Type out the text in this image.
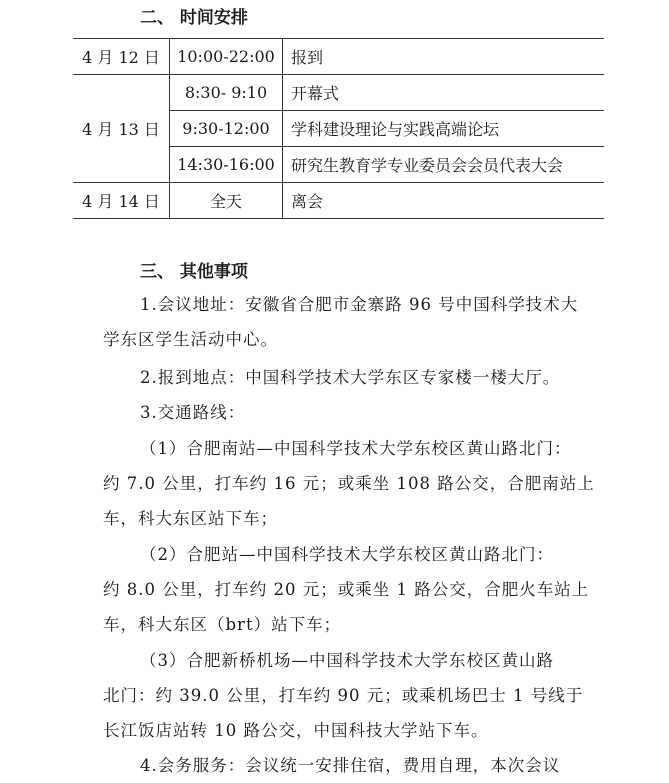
二、 时间安排
4 月 12 日	10:00-22:00	报到
4 月 13 日	8:30- 9:10	开幕式
	9:30-12:00	学科建设理论与实践高端论坛
	14:30-16:00	研究生教育学专业委员会会员代表大会
4 月 14 日	全天	离会
三、 其他事项
1.会议地址：安徽省合肥市金寨路 96 号中国科学技术大
学东区学生活动中心。
2.报到地点：中国科学技术大学东区专家楼一楼大厅。
3.交通路线：
（1）合肥南站—中国科学技术大学东校区黄山路北门：
约 7.0 公里，打车约 16 元；或乘坐 108 路公交，合肥南站上
车，科大东区站下车；
（2）合肥站—中国科学技术大学东校区黄山路北门：
约 8.0 公里，打车约 20 元；或乘坐 1 路公交，合肥火车站上
车，科大东区（brt）站下车；
（3）合肥新桥机场—中国科学技术大学东校区黄山路
北门：约 39.0 公里，打车约 90 元；或乘机场巴士 1 号线于
长江饭店站转 10 路公交，中国科技大学站下车。
4.会务服务：会议统一安排住宿，费用自理，本次会议
